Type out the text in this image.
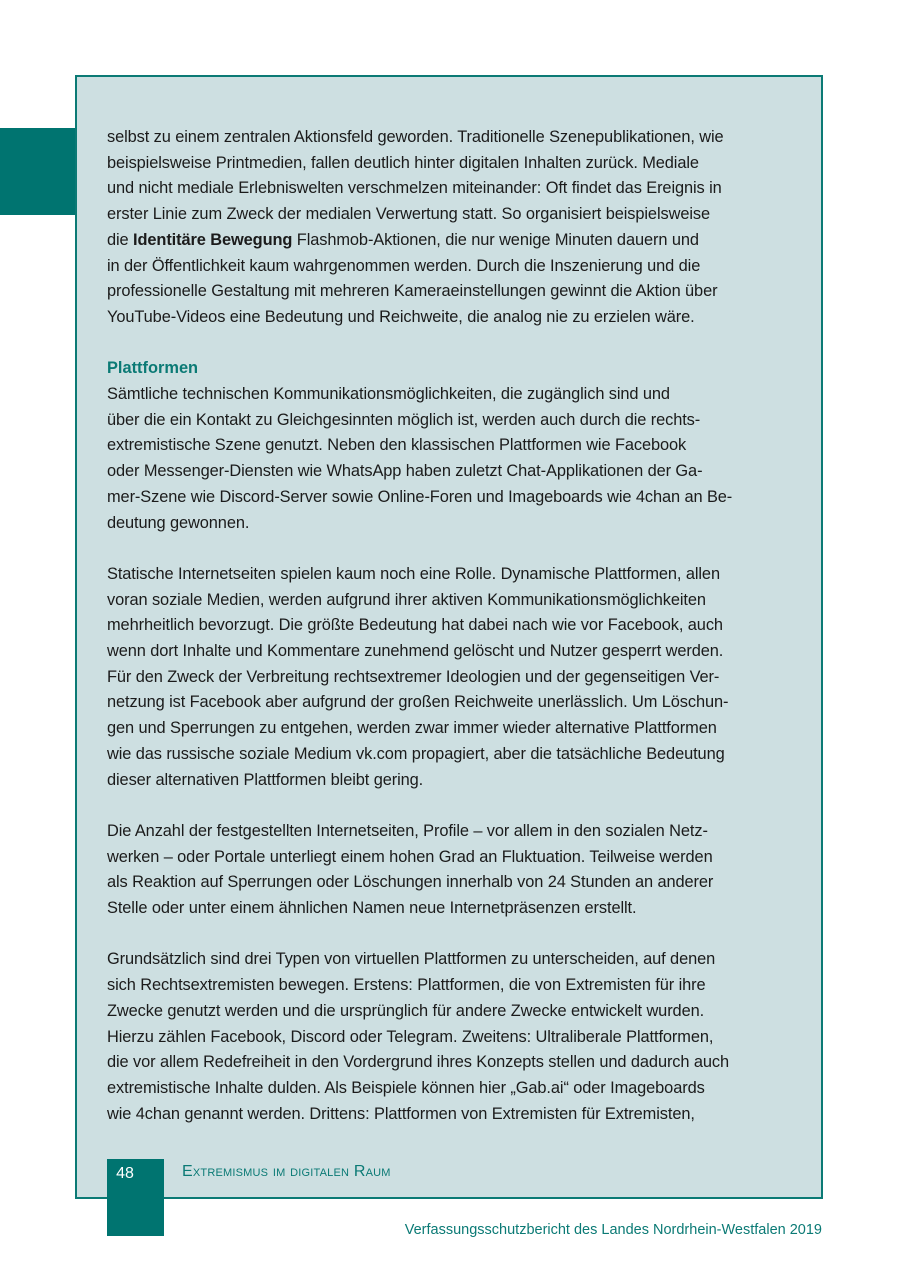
selbst zu einem zentralen Aktionsfeld geworden. Traditionelle Szenepublikationen, wie
beispielsweise Printmedien, fallen deutlich hinter digitalen Inhalten zurück. Mediale
und nicht mediale Erlebniswelten verschmelzen miteinander: Oft findet das Ereignis in
erster Linie zum Zweck der medialen Verwertung statt. So organisiert beispielsweise
die Identitäre Bewegung Flashmob-Aktionen, die nur wenige Minuten dauern und
in der Öffentlichkeit kaum wahrgenommen werden. Durch die Inszenierung und die
professionelle Gestaltung mit mehreren Kameraeinstellungen gewinnt die Aktion über
YouTube-Videos eine Bedeutung und Reichweite, die analog nie zu erzielen wäre.

Plattformen

Sämtliche technischen Kommunikationsmöglichkeiten, die zugänglich sind und
über die ein Kontakt zu Gleichgesinnten möglich ist, werden auch durch die rechts-
extremistische Szene genutzt. Neben den klassischen Plattformen wie Facebook
oder Messenger-Diensten wie WhatsApp haben zuletzt Chat-Applikationen der Ga-
mer-Szene wie Discord-Server sowie Online-Foren und Imageboards wie 4chan an Be-
deutung gewonnen.

Statische Internetseiten spielen kaum noch eine Rolle. Dynamische Plattformen, allen
voran soziale Medien, werden aufgrund ihrer aktiven Kommunikationsmöglichkeiten
mehrheitlich bevorzugt. Die größte Bedeutung hat dabei nach wie vor Facebook, auch
wenn dort Inhalte und Kommentare zunehmend gelöscht und Nutzer gesperrt werden.
Für den Zweck der Verbreitung rechtsextremer Ideologien und der gegenseitigen Ver-
netzung ist Facebook aber aufgrund der großen Reichweite unerlässlich. Um Löschun-
gen und Sperrungen zu entgehen, werden zwar immer wieder alternative Plattformen
wie das russische soziale Medium vk.com propagiert, aber die tatsächliche Bedeutung
dieser alternativen Plattformen bleibt gering.

Die Anzahl der festgestellten Internetseiten, Profile – vor allem in den sozialen Netz-
werken – oder Portale unterliegt einem hohen Grad an Fluktuation. Teilweise werden
als Reaktion auf Sperrungen oder Löschungen innerhalb von 24 Stunden an anderer
Stelle oder unter einem ähnlichen Namen neue Internetpräsenzen erstellt.

Grundsätzlich sind drei Typen von virtuellen Plattformen zu unterscheiden, auf denen
sich Rechtsextremisten bewegen. Erstens: Plattformen, die von Extremisten für ihre
Zwecke genutzt werden und die ursprünglich für andere Zwecke entwickelt wurden.
Hierzu zählen Facebook, Discord oder Telegram. Zweitens: Ultraliberale Plattformen,
die vor allem Redefreiheit in den Vordergrund ihres Konzepts stellen und dadurch auch
extremistische Inhalte dulden. Als Beispiele können hier „Gab.ai“ oder Imageboards
wie 4chan genannt werden. Drittens: Plattformen von Extremisten für Extremisten,

48	Extremismus im digitalen Raum
Verfassungsschutzbericht des Landes Nordrhein-Westfalen 2019
